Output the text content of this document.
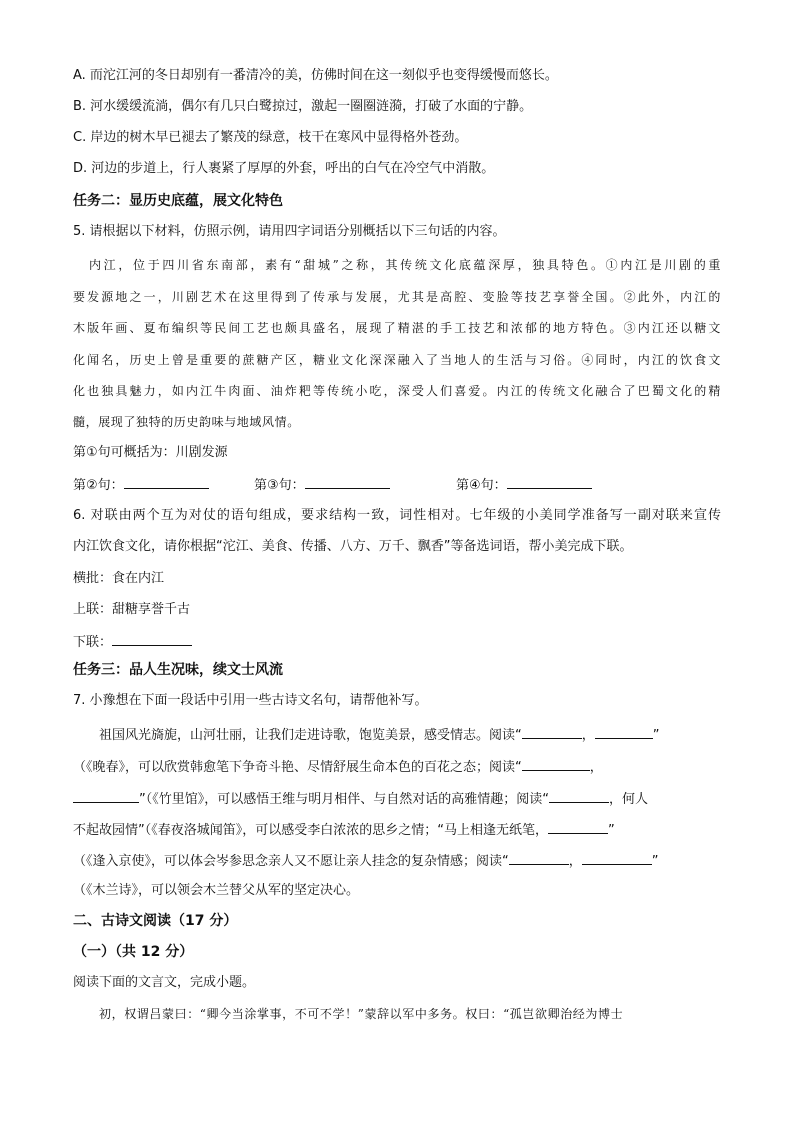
A. 而沱江河的冬日却别有一番清冷的美，仿佛时间在这一刻似乎也变得缓慢而悠长。
B. 河水缓缓流淌，偶尔有几只白鹭掠过，激起一圈圈涟漪，打破了水面的宁静。
C. 岸边的树木早已褪去了繁茂的绿意，枝干在寒风中显得格外苍劲。
D. 河边的步道上，行人裹紧了厚厚的外套，呼出的白气在冷空气中消散。
任务二：显历史底蕴，展文化特色
5. 请根据以下材料，仿照示例，请用四字词语分别概括以下三句话的内容。
内江，位于四川省东南部，素有“甜城”之称，其传统文化底蕴深厚，独具特色。①内江是川剧的重
要发源地之一，川剧艺术在这里得到了传承与发展，尤其是高腔、变脸等技艺享誉全国。②此外，内江的
木版年画、夏布编织等民间工艺也颇具盛名，展现了精湛的手工技艺和浓郁的地方特色。③内江还以糖文
化闻名，历史上曾是重要的蔗糖产区，糖业文化深深融入了当地人的生活与习俗。④同时，内江的饮食文
化也独具魅力，如内江牛肉面、油炸粑等传统小吃，深受人们喜爱。内江的传统文化融合了巴蜀文化的精
髓，展现了独特的历史韵味与地域风情。
第①句可概括为：川剧发源
第②句：	第③句：	第④句：
6. 对联由两个互为对仗的语句组成，要求结构一致，词性相对。七年级的小美同学准备写一副对联来宣传
内江饮食文化，请你根据“沱江、美食、传播、八方、万千、飘香”等备选词语，帮小美完成下联。
横批：食在内江
上联：甜糖享誉千古
下联：
任务三：品人生况味，续文士风流
7. 小豫想在下面一段话中引用一些古诗文名句，请帮他补写。
祖国风光旖旎，山河壮丽，让我们走进诗歌，饱览美景，感受情志。阅读“	，	”
（《晚春》，可以欣赏韩愈笔下争奇斗艳、尽情舒展生命本色的百花之态；阅读“	，
”（《竹里馆》，可以感悟王维与明月相伴、与自然对话的高雅情趣；阅读“	，何人
不起故园情”（《春夜洛城闻笛》，可以感受李白浓浓的思乡之情；“马上相逢无纸笔，	”
（《逢入京使》，可以体会岑参思念亲人又不愿让亲人挂念的复杂情感；阅读“	，	”
（《木兰诗》，可以领会木兰替父从军的坚定决心。
二、古诗文阅读（17 分）
（一）（共 12 分）
阅读下面的文言文，完成小题。
初，权谓吕蒙曰：“卿今当涂掌事，不可不学！”蒙辞以军中多务。权曰：“孤岂欲卿治经为博士
